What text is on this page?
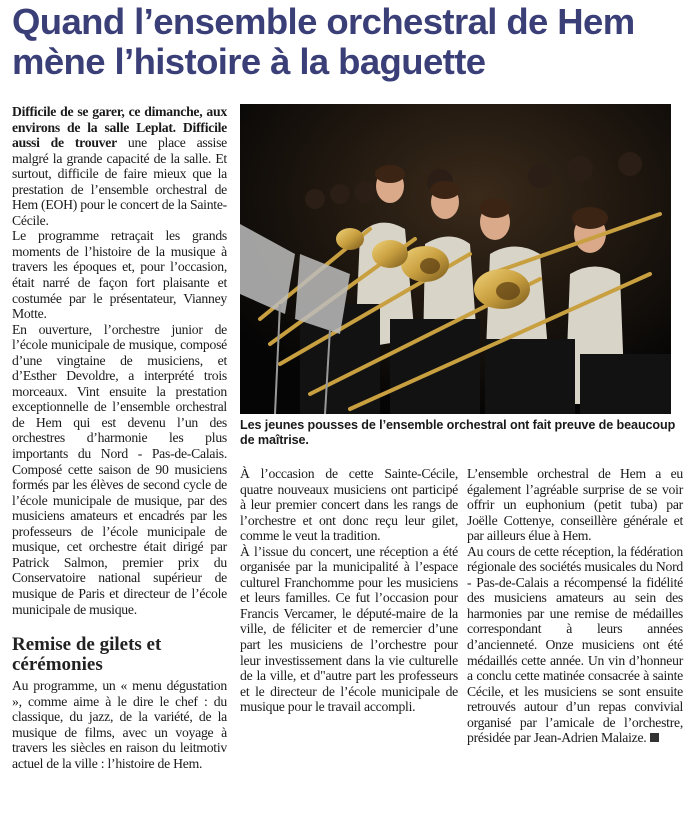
Quand l’ensemble orchestral de Hem
mène l’histoire à la baguette

Difficile de se garer, ce dimanche, aux environs de la salle Leplat. Difficile aussi de trouver une place assise malgré la grande capacité de la salle. Et surtout, difficile de faire mieux que la prestation de l’ensemble orchestral de Hem (EOH) pour le concert de la Sainte-Cécile.

Le programme retraçait les grands moments de l’histoire de la musique à travers les époques et, pour l’occasion, était narré de façon fort plaisante et costumée par le présentateur, Vianney Motte.

En ouverture, l’orchestre junior de l’école municipale de musique, composé d’une vingtaine de musiciens, et d’Esther Devoldre, a interprété trois morceaux. Vint ensuite la prestation exceptionnelle de l’ensemble orchestral de Hem qui est devenu l’un des orchestres d’harmonie les plus importants du Nord - Pas-de-Calais. Composé cette saison de 90 musiciens formés par les élèves de second cycle de l’école municipale de musique, par des musiciens amateurs et encadrés par les professeurs de l’école municipale de musique, cet orchestre était dirigé par Patrick Salmon, premier prix du Conservatoire national supérieur de musique de Paris et directeur de l’école municipale de musique.

Remise de gilets et cérémonies

Au programme, un « menu dégustation », comme aime à le dire le chef : du classique, du jazz, de la variété, de la musique de films, avec un voyage à travers les siècles en raison du leitmotiv actuel de la ville : l’histoire de Hem.

À l’occasion de cette Sainte-Cécile, quatre nouveaux musiciens ont participé à leur premier concert dans les rangs de l’orchestre et ont donc reçu leur gilet, comme le veut la tradition.

À l’issue du concert, une réception a été organisée par la municipalité à l’espace culturel Franchomme pour les musiciens et leurs familles. Ce fut l’occasion pour Francis Vercamer, le député-maire de la ville, de féliciter et de remercier d’une part les musiciens de l’orchestre pour leur investissement dans la vie culturelle de la ville, et d"autre part les professeurs et le directeur de l’école municipale de musique pour le travail accompli.

L’ensemble orchestral de Hem a eu également l’agréable surprise de se voir offrir un euphonium (petit tuba) par Joëlle Cottenye, conseillère générale et par ailleurs élue à Hem.

Au cours de cette réception, la fédération régionale des sociétés musicales du Nord - Pas-de-Calais a récompensé la fidélité des musiciens amateurs au sein des harmonies par une remise de médailles correspondant à leurs années d’ancienneté. Onze musiciens ont été médaillés cette année. Un vin d’honneur a conclu cette matinée consacrée à sainte Cécile, et les musiciens se sont ensuite retrouvés autour d’un repas convivial organisé par l’amicale de l’orchestre, présidée par Jean-Adrien Malaize.

Les jeunes pousses de l’ensemble orchestral ont fait preuve de beaucoup de maîtrise.
